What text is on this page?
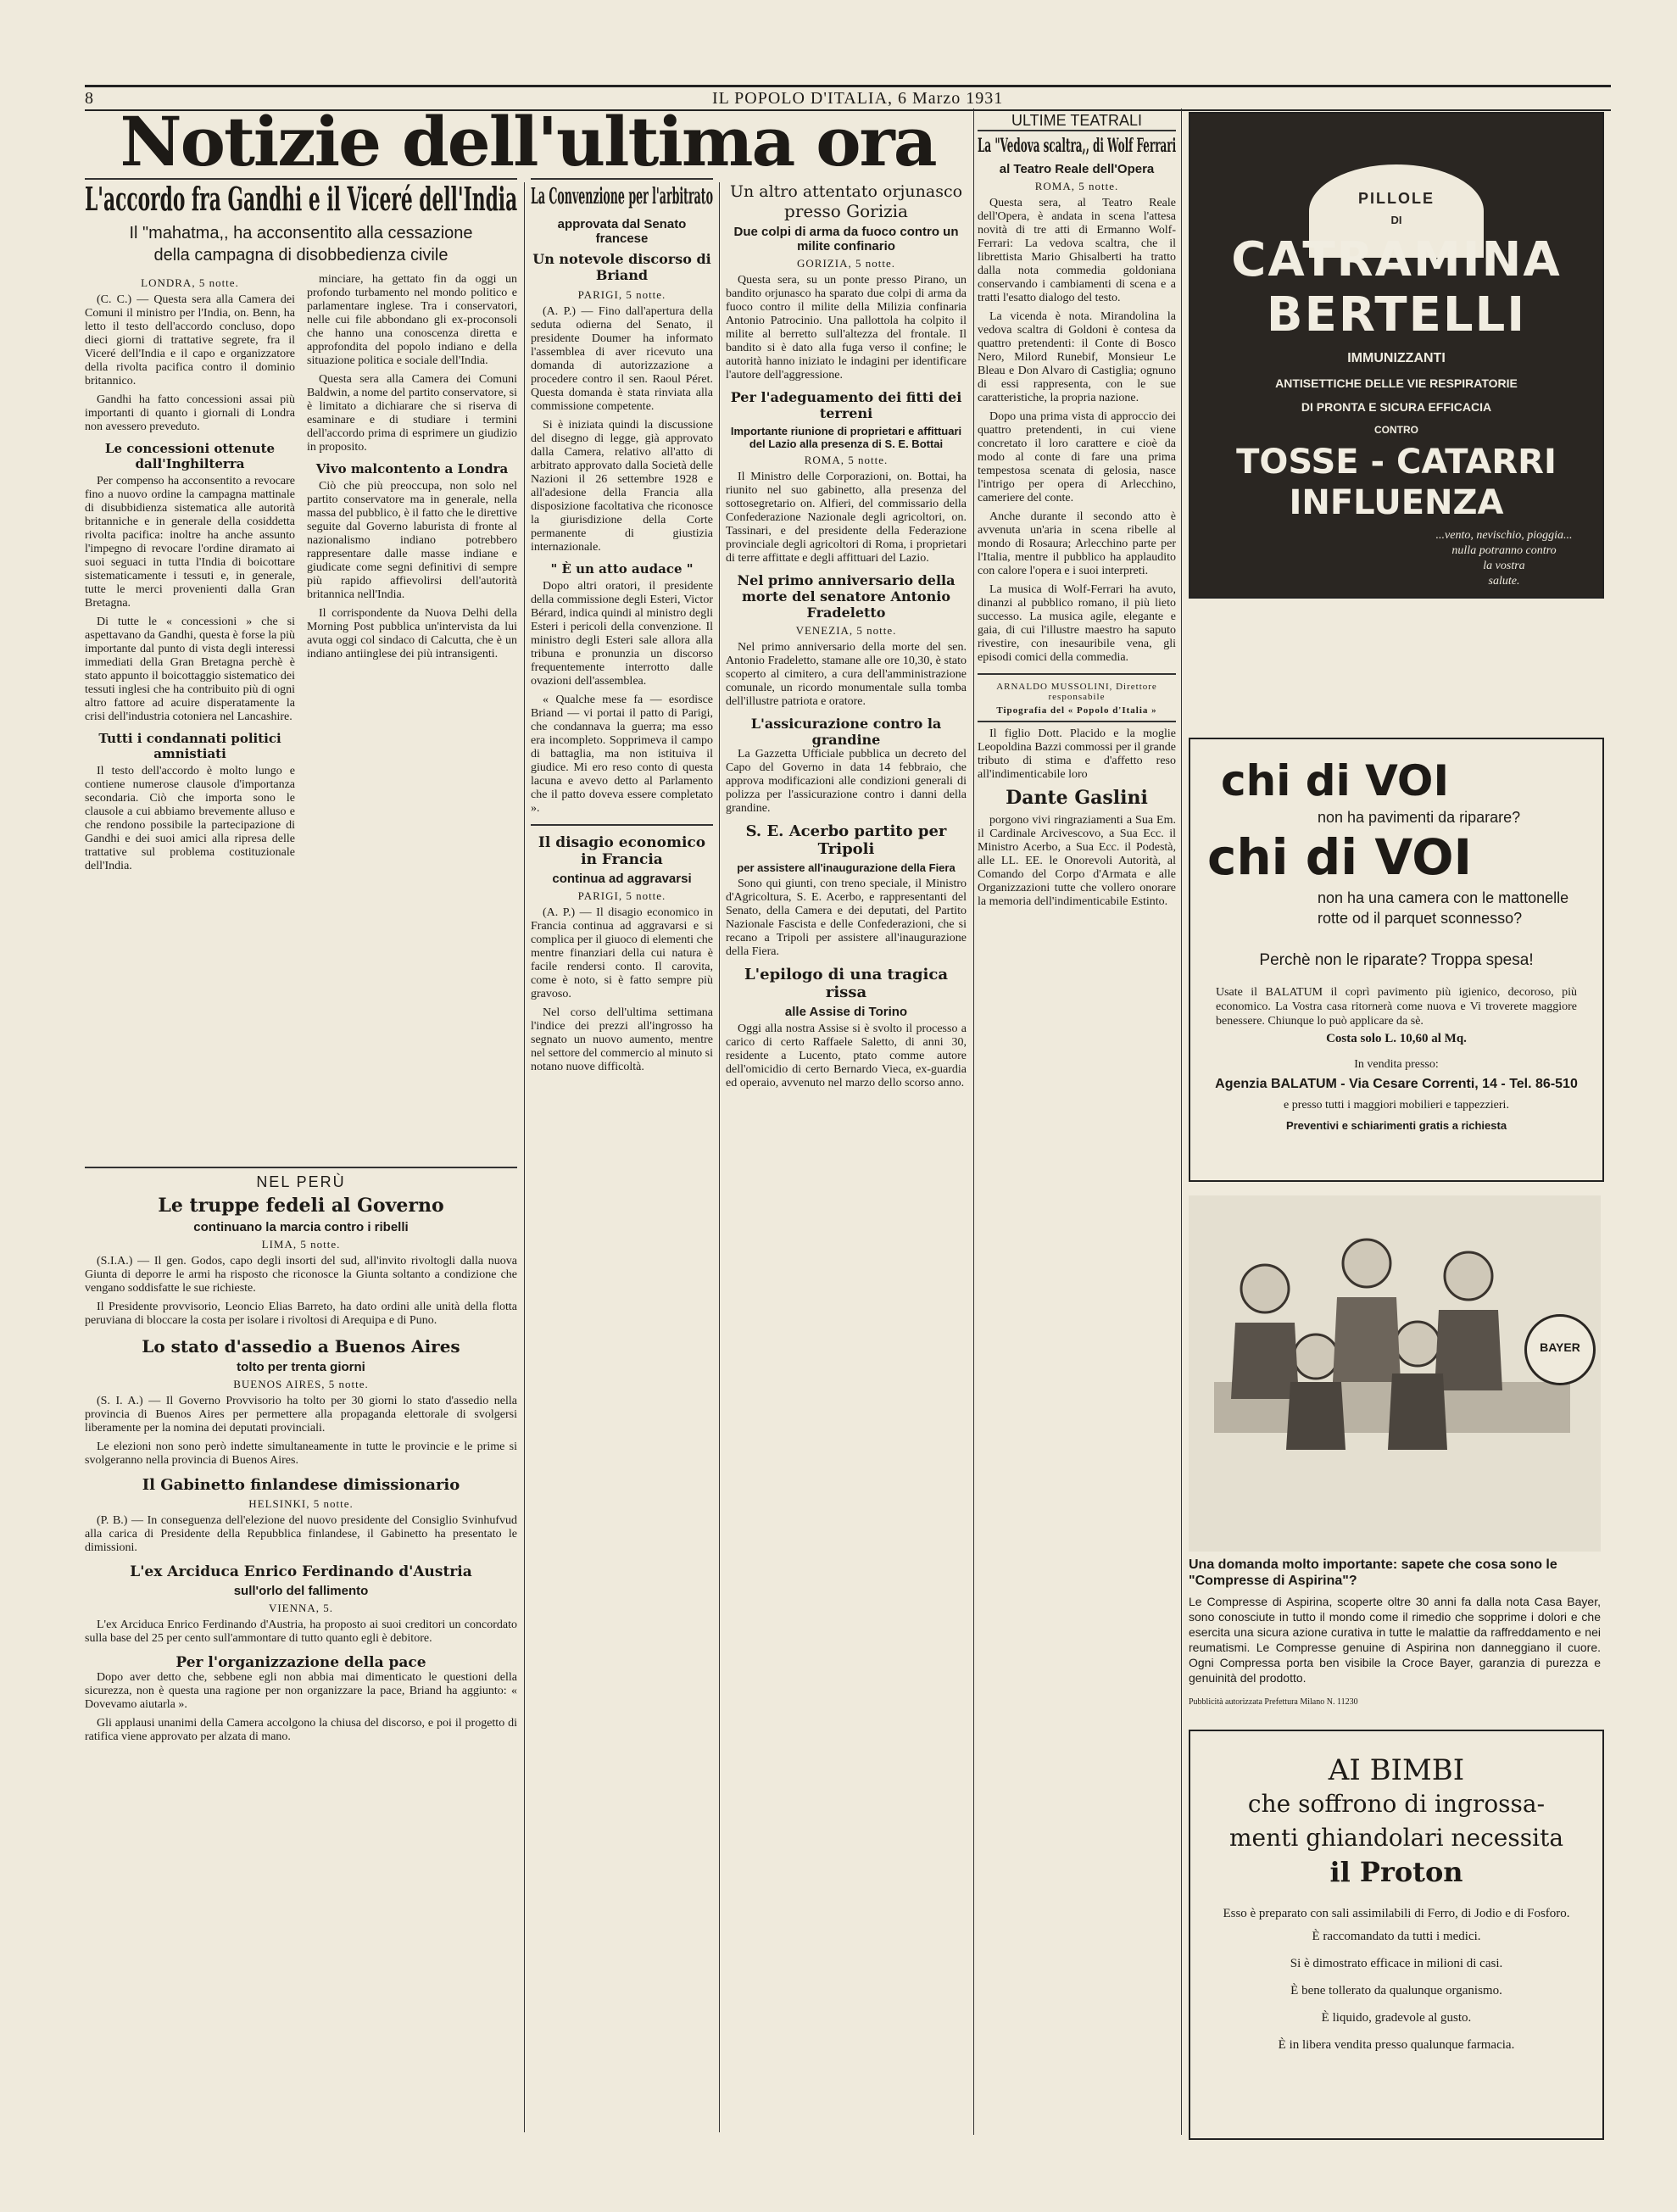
8	IL POPOLO D'ITALIA, 6 Marzo 1931
Notizie dell'ultima ora
L'accordo fra Gandhi e il Viceré dell'India
Il "mahatma,, ha acconsentito alla cessazione della campagna di disobbedienza civile
LONDRA, 5 notte.

(C. C.) — Questa sera alla Camera dei Comuni il ministro per l'India, on. Benn, ha letto il testo dell'accordo concluso, dopo dieci giorni di trattative segrete, fra il Viceré dell'India e il capo e organizzatore della rivolta pacifica contro il dominio britannico.

Gandhi ha fatto concessioni assai più importanti di quanto i giornali di Londra non avessero preveduto.

Le concessioni ottenute dall'Inghilterra

Per compenso ha acconsentito a revocare fino a nuovo ordine la campagna mattinale di disubbidienza sistematica alle autorità britanniche e in generale della cosiddetta rivolta pacifica: inoltre ha anche assunto l'impegno di revocare l'ordine diramato ai suoi seguaci in tutta l'India di boicottare sistematicamente i tessuti e, in generale, tutte le merci provenienti dalla Gran Bretagna.

Di tutte le « concessioni » che si aspettavano da Gandhi, questa è forse la più importante dal punto di vista degli interessi immediati della Gran Bretagna perchè è stato appunto il boicottaggio sistematico dei tessuti inglesi che ha contribuito più di ogni altro fattore ad acuire disperatamente la crisi dell'industria cotoniera nel Lancashire.

Tutti i condannati politici amnistiati

Il testo dell'accordo è molto lungo e contiene numerose clausole d'importanza secondaria. Ciò che importa sono le clausole a cui abbiamo brevemente alluso e che rendono possibile la partecipazione di Gandhi e dei suoi amici alla ripresa delle trattative sul problema costituzionale dell'India.

minciare, ha gettato fin da oggi un profondo turbamento nel mondo politico e parlamentare inglese. Tra i conservatori, nelle cui file abbondano gli ex-proconsoli che hanno una conoscenza diretta e approfondita del popolo indiano e della situazione politica e sociale dell'India.

Questa sera alla Camera dei Comuni Baldwin, a nome del partito conservatore, si è limitato a dichiarare che si riserva di esaminare e di studiare i termini dell'accordo prima di esprimere un giudizio in proposito.

Vivo malcontento a Londra

Ciò che più preoccupa, non solo nel partito conservatore ma in generale, nella massa del pubblico, è il fatto che le direttive seguite dal Governo laburista di fronte al nazionalismo indiano potrebbero rappresentare dalle masse indiane e giudicate come segni definitivi di sempre più rapido affievolirsi dell'autorità britannica nell'India.

Il corrispondente da Nuova Delhi della Morning Post pubblica un'intervista da lui avuta oggi col sindaco di Calcutta, che è un indiano antiinglese dei più intransigenti.

NEL PERÙ
Le truppe fedeli al Governo
continuano la marcia contro i ribelli
LIMA, 5 notte.

(S.I.A.) — Il gen. Godos, capo degli insorti del sud, all'invito rivoltogli dalla nuova Giunta di deporre le armi ha risposto che riconosce la Giunta soltanto a condizione che vengano soddisfatte le sue richieste.

Il Presidente provvisorio, Leoncio Elias Barreto, ha dato ordini alle unità della flotta peruviana di bloccare la costa per isolare i rivoltosi di Arequipa e di Puno.

Lo stato d'assedio a Buenos Aires
tolto per trenta giorni
BUENOS AIRES, 5 notte.

(S. I. A.) — Il Governo Provvisorio ha tolto per 30 giorni lo stato d'assedio nella provincia di Buenos Aires per permettere alla propaganda elettorale di svolgersi liberamente per la nomina dei deputati provinciali.

Le elezioni non sono però indette simultaneamente in tutte le provincie e le prime si svolgeranno nella provincia di Buenos Aires.

Il Gabinetto finlandese dimissionario
HELSINKI, 5 notte.

(P. B.) — In conseguenza dell'elezione del nuovo presidente del Consiglio Svinhufvud alla carica di Presidente della Repubblica finlandese, il Gabinetto ha presentato le dimissioni.

L'ex Arciduca Enrico Ferdinando d'Austria
sull'orlo del fallimento
VIENNA, 5.

L'ex Arciduca Enrico Ferdinando d'Austria, ha proposto ai suoi creditori un concordato sulla base del 25 per cento sull'ammontare di tutto quanto egli è debitore.

Per l'organizzazione della pace

Dopo aver detto che, sebbene egli non abbia mai dimenticato le questioni della sicurezza, non è questa una ragione per non organizzare la pace, Briand ha aggiunto: « Dovevamo aiutarla ».

Gli applausi unanimi della Camera accolgono la chiusa del discorso, e poi il progetto di ratifica viene approvato per alzata di mano.

La Convenzione per l'arbitrato
approvata dal Senato francese
Un notevole discorso di Briand
PARIGI, 5 notte.

(A. P.) — Fino dall'apertura della seduta odierna del Senato, il presidente Doumer ha informato l'assemblea di aver ricevuto una domanda di autorizzazione a procedere contro il sen. Raoul Péret. Questa domanda è stata rinviata alla commissione competente.

Si è iniziata quindi la discussione del disegno di legge, già approvato dalla Camera, relativo all'atto di arbitrato approvato dalla Società delle Nazioni il 26 settembre 1928 e all'adesione della Francia alla disposizione facoltativa che riconosce la giurisdizione della Corte permanente di giustizia internazionale.

" È un atto audace "

Dopo altri oratori, il presidente della commissione degli Esteri, Victor Bérard, indica quindi al ministro degli Esteri i pericoli della convenzione. Il ministro degli Esteri sale allora alla tribuna e pronunzia un discorso frequentemente interrotto dalle ovazioni dell'assemblea.

« Qualche mese fa — esordisce Briand — vi portai il patto di Parigi, che condannava la guerra; ma esso era incompleto. Sopprimeva il campo di battaglia, ma non istituiva il giudice. Mi ero reso conto di questa lacuna e avevo detto al Parlamento che il patto doveva essere completato ».

Il disagio economico in Francia
continua ad aggravarsi
PARIGI, 5 notte.

(A. P.) — Il disagio economico in Francia continua ad aggravarsi e si complica per il giuoco di elementi che mentre finanziari della cui natura è facile rendersi conto. Il carovita, come è noto, si è fatto sempre più gravoso.

Nel corso dell'ultima settimana l'indice dei prezzi all'ingrosso ha segnato un nuovo aumento, mentre nel settore del commercio al minuto si notano nuove difficoltà.

Un altro attentato orjunasco
presso Gorizia
Due colpi di arma da fuoco contro un milite confinario
GORIZIA, 5 notte.

Questa sera, su un ponte presso Pirano, un bandito orjunasco ha sparato due colpi di arma da fuoco contro il milite della Milizia confinaria Antonio Patrocinio. Una pallottola ha colpito il milite al berretto sull'altezza del frontale. Il bandito si è dato alla fuga verso il confine; le autorità hanno iniziato le indagini per identificare l'autore dell'aggressione.

Per l'adeguamento dei fitti dei terreni
Importante riunione di proprietari e affittuari del Lazio alla presenza di S. E. Bottai
ROMA, 5 notte.

Il Ministro delle Corporazioni, on. Bottai, ha riunito nel suo gabinetto, alla presenza del sottosegretario on. Alfieri, del commissario della Confederazione Nazionale degli agricoltori, on. Tassinari, e del presidente della Federazione provinciale degli agricoltori di Roma, i proprietari di terre affittate e degli affittuari del Lazio.

Nel primo anniversario della morte del senatore Antonio Fradeletto
VENEZIA, 5 notte.

Nel primo anniversario della morte del sen. Antonio Fradeletto, stamane alle ore 10,30, è stato scoperto al cimitero, a cura dell'amministrazione comunale, un ricordo monumentale sulla tomba dell'illustre patriota e oratore.

L'assicurazione contro la grandine

La Gazzetta Ufficiale pubblica un decreto del Capo del Governo in data 14 febbraio, che approva modificazioni alle condizioni generali di polizza per l'assicurazione contro i danni della grandine.

S. E. Acerbo partito per Tripoli
per assistere all'inaugurazione della Fiera

Sono qui giunti, con treno speciale, il Ministro d'Agricoltura, S. E. Acerbo, e rappresentanti del Senato, della Camera e dei deputati, del Partito Nazionale Fascista e delle Confederazioni, che si recano a Tripoli per assistere all'inaugurazione della Fiera.

L'epilogo di una tragica rissa
alle Assise di Torino

Oggi alla nostra Assise si è svolto il processo a carico di certo Raffaele Saletto, di anni 30, residente a Lucento, ptato comme autore dell'omicidio di certo Bernardo Vieca, ex-guardia ed operaio, avvenuto nel marzo dello scorso anno.

ULTIME TEATRALI
La "Vedova scaltra,, di Wolf Ferrari
al Teatro Reale dell'Opera
ROMA, 5 notte.

Questa sera, al Teatro Reale dell'Opera, è andata in scena l'attesa novità di tre atti di Ermanno Wolf-Ferrari: La vedova scaltra, che il librettista Mario Ghisalberti ha tratto dalla nota commedia goldoniana conservando i cambiamenti di scena e a tratti l'esatto dialogo del testo.

La vicenda è nota. Mirandolina la vedova scaltra di Goldoni è contesa da quattro pretendenti: il Conte di Bosco Nero, Milord Runebif, Monsieur Le Bleau e Don Alvaro di Castiglia; ognuno di essi rappresenta, con le sue caratteristiche, la propria nazione.

Dopo una prima vista di approccio dei quattro pretendenti, in cui viene concretato il loro carattere e cioè da modo al conte di fare una prima tempestosa scenata di gelosia, nasce l'intrigo per opera di Arlecchino, cameriere del conte.

Anche durante il secondo atto è avvenuta un'aria in scena ribelle al mondo di Rosaura; Arlecchino parte per l'Italia, mentre il pubblico ha applaudito con calore l'opera e i suoi interpreti.

La musica di Wolf-Ferrari ha avuto, dinanzi al pubblico romano, il più lieto successo. La musica agile, elegante e gaia, di cui l'illustre maestro ha saputo rivestire, con inesauribile vena, gli episodi comici della commedia.

ARNALDO MUSSOLINI, Direttore responsabile
Tipografia del « Popolo d'Italia »

Il figlio Dott. Placido e la moglie Leopoldina Bazzi commossi per il grande tributo di stima e d'affetto reso all'indimenticabile loro

Dante Gaslini

porgono vivi ringraziamenti a Sua Em. il Cardinale Arcivescovo, a Sua Ecc. il Ministro Acerbo, a Sua Ecc. il Podestà, alle LL. EE. le Onorevoli Autorità, al Comando del Corpo d'Armata e alle Organizzazioni tutte che vollero onorare la memoria dell'indimenticabile Estinto.

PILLOLE
DI
CATRAMINA
BERTELLI
IMMUNIZZANTI
ANTISETTICHE DELLE VIE RESPIRATORIE
DI PRONTA E SICURA EFFICACIA
CONTRO
TOSSE - CATARRI
INFLUENZA
...vento, nevischio, pioggia...
nulla potranno contro
la vostra
salute.
chi di VOI
non ha pavimenti da riparare?
chi di VOI
non ha una camera con le mattonelle rotte od il parquet sconnesso?
Perchè non le riparate? Troppa spesa!
Usate il BALATUM il coprì pavimento più igienico, decoroso, più economico. La Vostra casa ritornerà come nuova e Vi troverete maggiore benessere. Chiunque lo può applicare da sè.
Costa solo L. 10,60 al Mq.
In vendita presso:
Agenzia BALATUM - Via Cesare Correnti, 14 - Tel. 86-510
e presso tutti i maggiori mobilieri e tappezzieri.
Preventivi e schiarimenti gratis a richiesta
BAYER
Una domanda molto importante: sapete che cosa sono le "Compresse di Aspirina"?
Le Compresse di Aspirina, scoperte oltre 30 anni fa dalla nota Casa Bayer, sono conosciute in tutto il mondo come il rimedio che sopprime i dolori e che esercita una sicura azione curativa in tutte le malattie da raffreddamento e nei reumatismi. Le Compresse genuine di Aspirina non danneggiano il cuore. Ogni Compressa porta ben visibile la Croce Bayer, garanzia di purezza e genuinità del prodotto.
Pubblicità autorizzata Prefettura Milano N. 11230
AI BIMBI
che soffrono di ingrossa-
menti ghiandolari necessita
il Proton
Esso è preparato con sali assimilabili di Ferro, di Jodio e di Fosforo.
È raccomandato da tutti i medici.
Si è dimostrato efficace in milioni di casi.
È bene tollerato da qualunque organismo.
È liquido, gradevole al gusto.
È in libera vendita presso qualunque farmacia.
